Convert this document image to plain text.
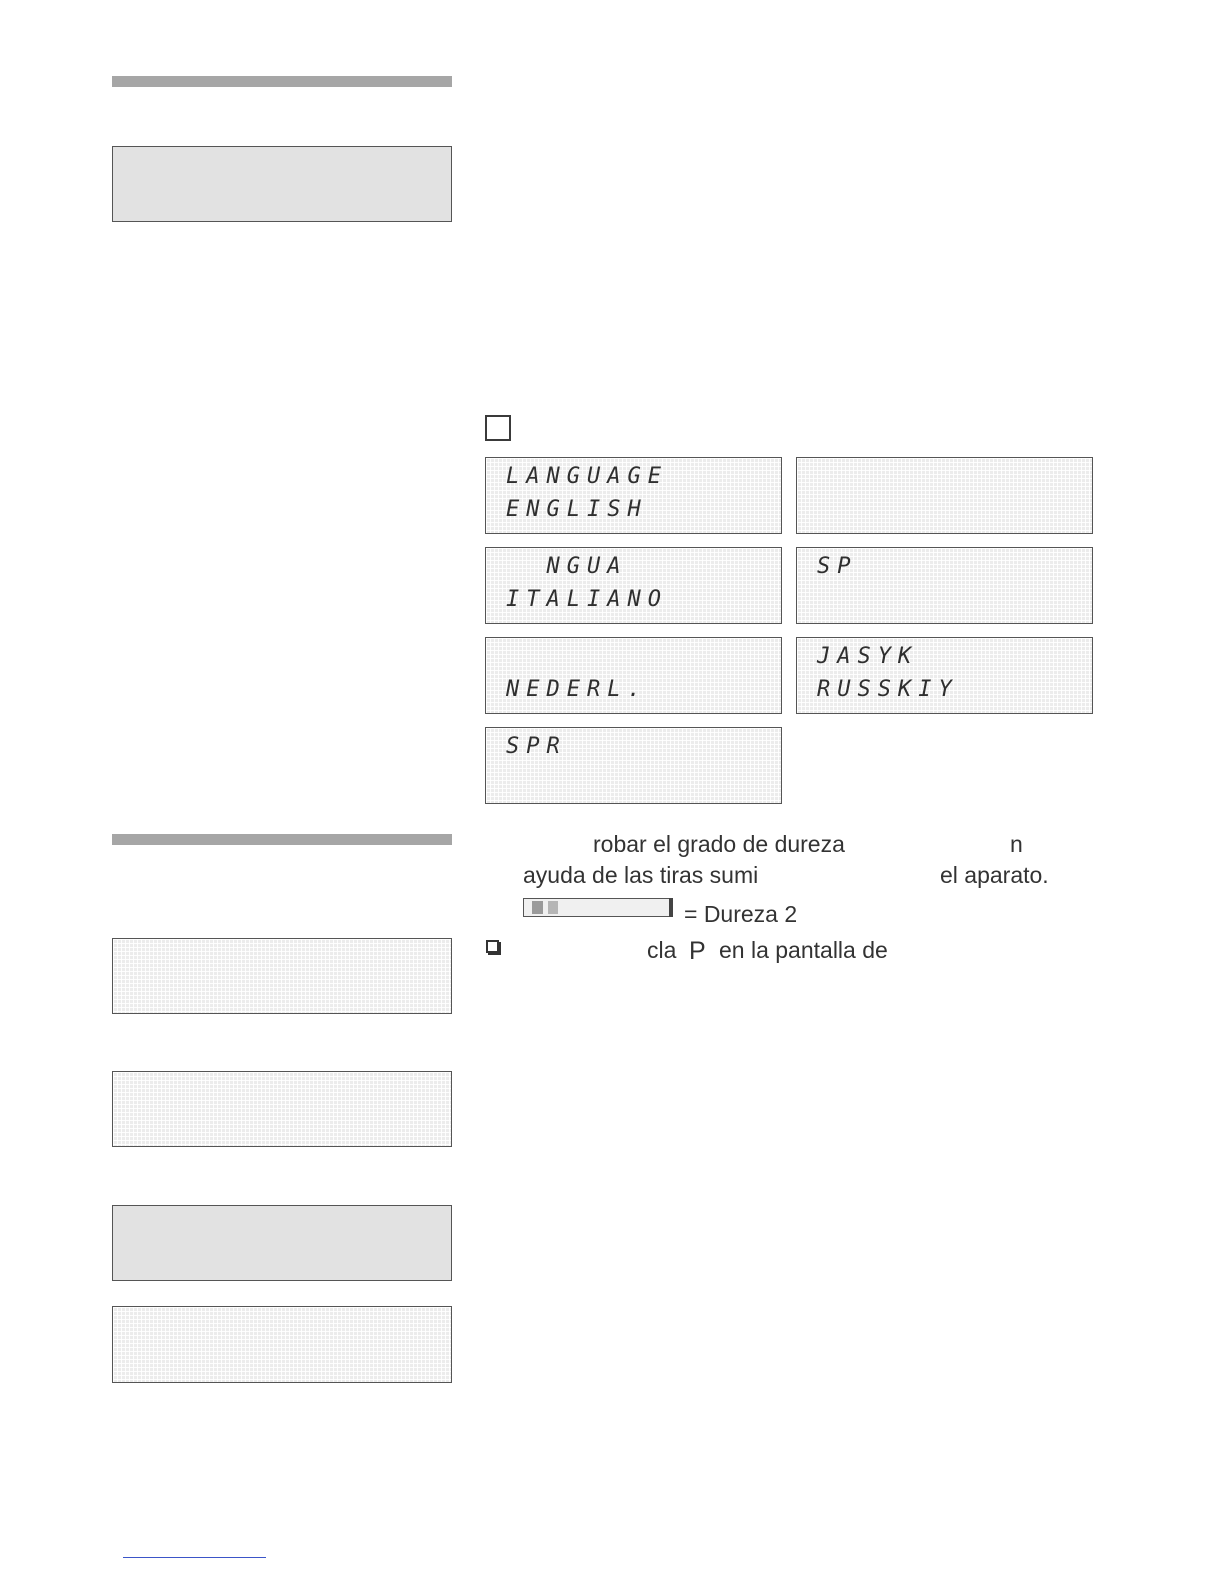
LANGUAGE
ENGLISH
NGUA
ITALIANO
SP
NEDERL.
JASYK
RUSSKIY
SPR
robar el grado de dureza	n
ayuda de las tiras sumi	el aparato.
= Dureza 2
cla P en la pantalla de
